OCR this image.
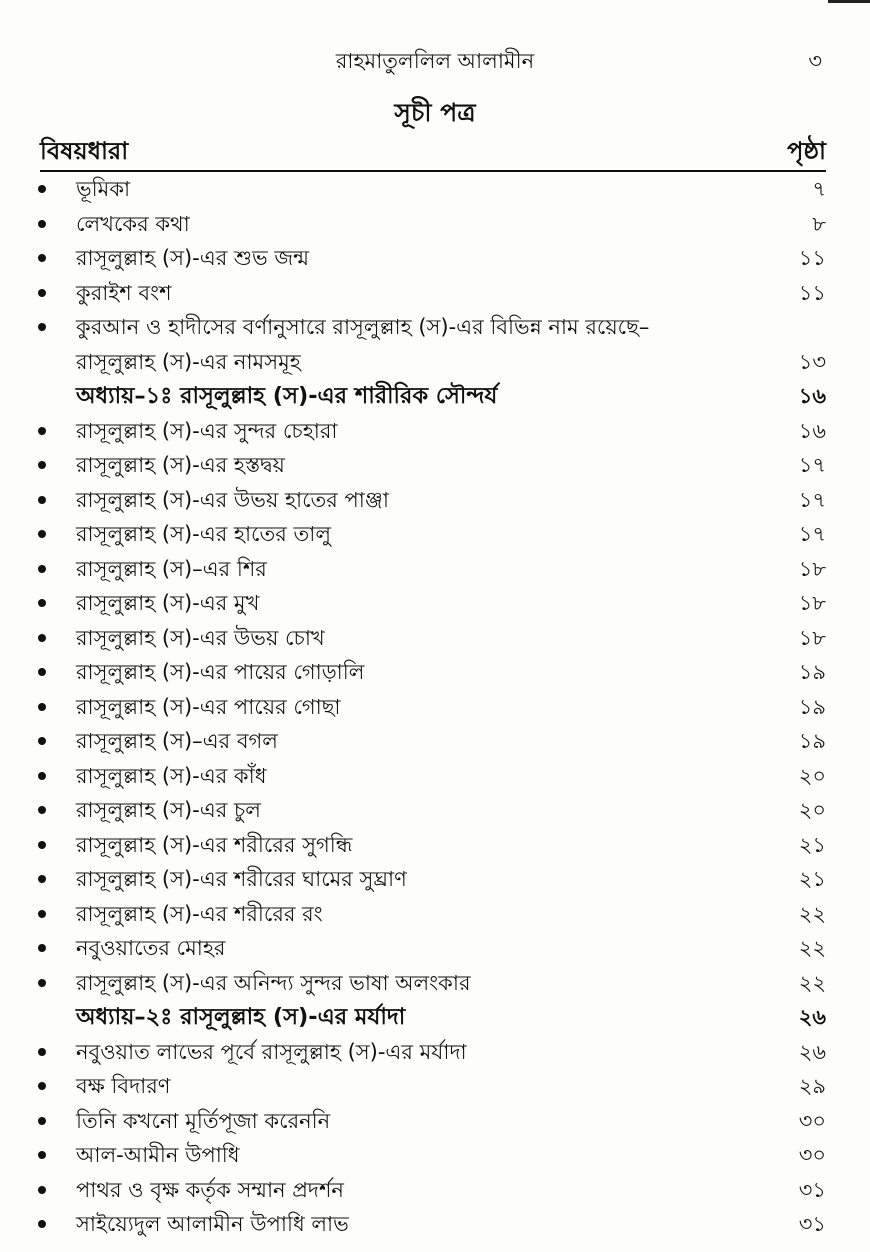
রাহমাতুললিল আলামীন	৩
সূচী পত্র
বিষয়ধারা	পৃষ্ঠা
ভূমিকা	৭
লেখকের কথা	৮
রাসূলুল্লাহ (স)-এর শুভ জন্ম	১১
কুরাইশ বংশ	১১
কুরআন ও হাদীসের বর্ণানুসারে রাসূলুল্লাহ (স)-এর বিভিন্ন নাম রয়েছে–
রাসূলুল্লাহ (স)-এর নামসমূহ	১৩
অধ্যায়–১ঃ রাসূলুল্লাহ (স)-এর শারীরিক সৌন্দর্য	১৬
রাসূলুল্লাহ (স)-এর সুন্দর চেহারা	১৬
রাসূলুল্লাহ (স)-এর হস্তদ্বয়	১৭
রাসূলুল্লাহ (স)-এর উভয় হাতের পাঞ্জা	১৭
রাসূলুল্লাহ (স)-এর হাতের তালু	১৭
রাসূলুল্লাহ (স)–এর শির	১৮
রাসূলুল্লাহ (স)-এর মুখ	১৮
রাসূলুল্লাহ (স)-এর উভয় চোখ	১৮
রাসূলুল্লাহ (স)-এর পায়ের গোড়ালি	১৯
রাসূলুল্লাহ (স)-এর পায়ের গোছা	১৯
রাসূলুল্লাহ (স)–এর বগল	১৯
রাসূলুল্লাহ (স)-এর কাঁধ	২০
রাসূলুল্লাহ (স)-এর চুল	২০
রাসূলুল্লাহ (স)-এর শরীরের সুগন্ধি	২১
রাসূলুল্লাহ (স)-এর শরীরের ঘামের সুঘ্রাণ	২১
রাসূলুল্লাহ (স)-এর শরীরের রং	২২
নবুওয়াতের মোহর	২২
রাসূলুল্লাহ (স)-এর অনিন্দ্য সুন্দর ভাষা অলংকার	২২
অধ্যায়–২ঃ রাসূলুল্লাহ (স)-এর মর্যাদা	২৬
নবুওয়াত লাভের পূর্বে রাসূলুল্লাহ (স)-এর মর্যাদা	২৬
বক্ষ বিদারণ	২৯
তিনি কখনো মূর্তিপূজা করেননি	৩০
আল-আমীন উপাধি	৩০
পাথর ও বৃক্ষ কর্তৃক সম্মান প্রদর্শন	৩১
সাইয়্যেদুল আলামীন উপাধি লাভ	৩১
